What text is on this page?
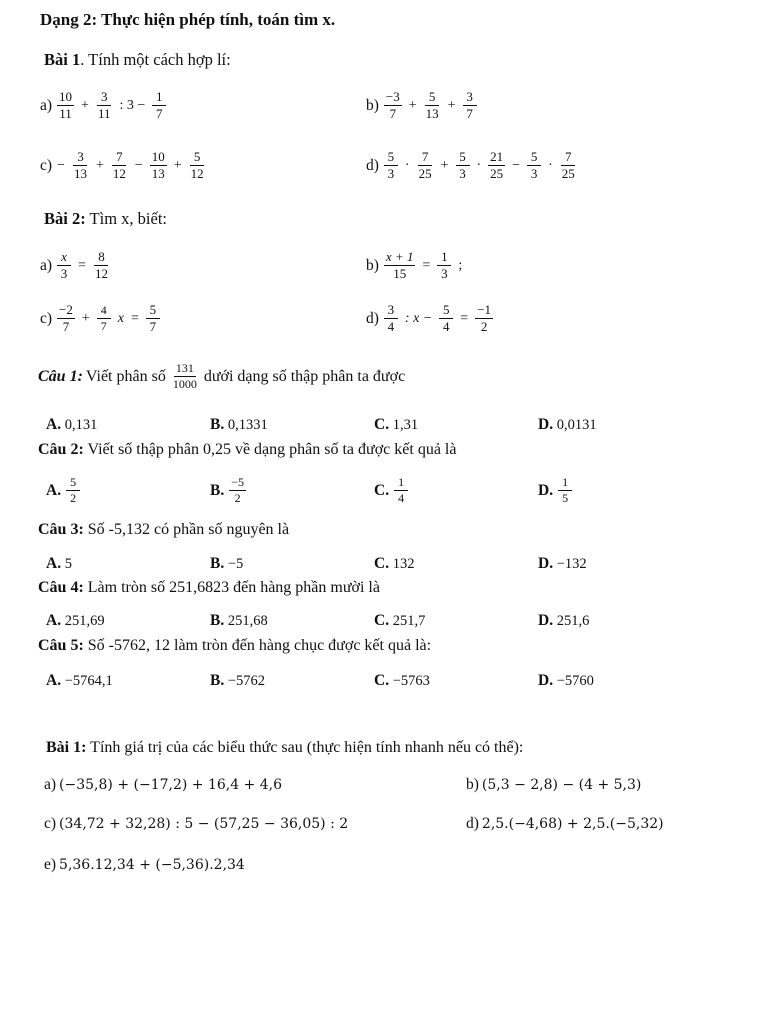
Dạng 2: Thực hiện phép tính, toán tìm x.
Bài 1. Tính một cách hợp lí:
$a) \frac{10}{11} + \frac{3}{11}$ : $3 - \frac{1}{7}$	$b) \frac{-3}{7} + \frac{5}{13} + \frac{3}{7}$
$c) - \frac{3}{13} + \frac{7}{12} - \frac{10}{13} + \frac{5}{12}$	$d) \frac{5}{3} \cdot \frac{7}{25} + \frac{5}{3} \cdot \frac{21}{25} - \frac{5}{3} \cdot \frac{7}{25}$
Bài 2: Tìm x, biết:
$a) \frac{x}{3} = \frac{8}{12}$	$b) \frac{x + 1}{15} = \frac{1}{3}$ ;
$c) \frac{-2}{7} + \frac{4}{7}$ $x = \frac{5}{7}$	$d) \frac{3}{4}$ : $x - \frac{5}{4} = \frac{-1}{2}$
Câu 1: Viết phân số $\frac{131}{1000}$ dưới dạng số thập phân ta được
A. 0,131	B. 0,1331	C. 1,31	D. 0,0131
Câu 2: Viết số thập phân 0,25 về dạng phân số ta được kết quả là
A. $\frac{5}{2}$	B. $\frac{-5}{2}$	C. $\frac{1}{4}$	D. $\frac{1}{5}$
Câu 3: Số -5,132 có phần số nguyên là
A. 5	B. −5	C. 132	D. −132
Câu 4: Làm tròn số 251,6823 đến hàng phần mười là
A. 251,69	B. 251,68	C. 251,7	D. 251,6
Câu 5: Số -5762, 12 làm tròn đến hàng chục được kết quả là:
A. −5764,1	B. −5762	C. −5763	D. −5760
Bài 1: Tính giá trị của các biểu thức sau (thực hiện tính nhanh nếu có thể):
a) (−35,8) + (−17,2) + 16,4 + 4,6	b) (5,3 − 2,8) − (4 + 5,3)
c) (34,72 + 32,28) : 5 − (57,25 − 36,05) : 2	d) 2,5.(−4,68) + 2,5.(−5,32)
e) 5,36.12,34 + (−5,36).2,34
